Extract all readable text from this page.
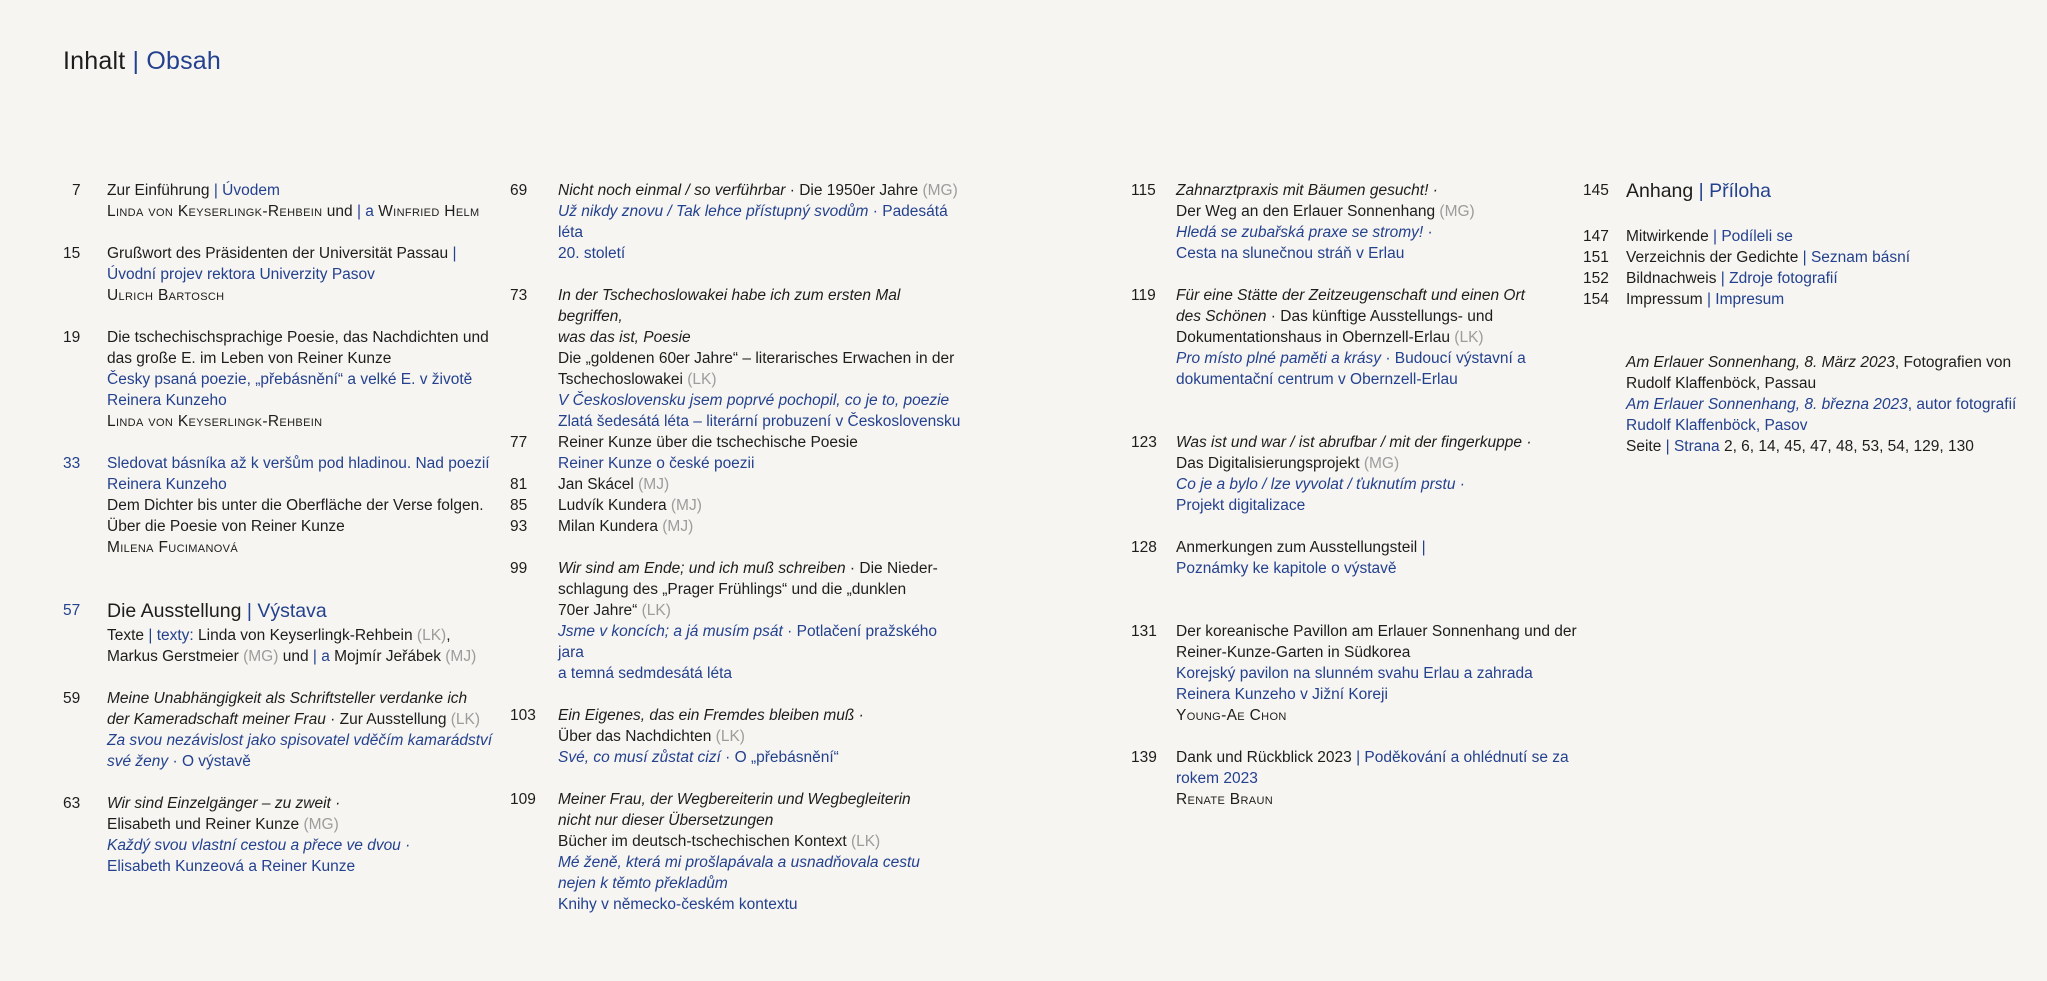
Inhalt | Obsah
7	Zur Einführung | Úvodem
Linda von Keyserlingk-Rehbein und | a Winfried Helm
15	Grußwort des Präsidenten der Universität Passau |
Úvodní projev rektora Univerzity Pasov
Ulrich Bartosch
19	Die tschechischsprachige Poesie, das Nachdichten und
das große E. im Leben von Reiner Kunze
Česky psaná poezie, „přebásnění“ a velké E. v životě
Reinera Kunzeho
Linda von Keyserlingk-Rehbein
33	Sledovat básníka až k veršům pod hladinou. Nad poezií
Reinera Kunzeho
Dem Dichter bis unter die Oberfläche der Verse folgen.
Über die Poesie von Reiner Kunze
Milena Fucimanová
57	Die Ausstellung | Výstava
Texte | texty: Linda von Keyserlingk-Rehbein (LK),
Markus Gerstmeier (MG) und | a Mojmír Jeřábek (MJ)
59	Meine Unabhängigkeit als Schriftsteller verdanke ich
der Kameradschaft meiner Frau · Zur Ausstellung (LK)
Za svou nezávislost jako spisovatel vděčím kamarádství
své ženy · O výstavě
63	Wir sind Einzelgänger – zu zweit ·
Elisabeth und Reiner Kunze (MG)
Každý svou vlastní cestou a přece ve dvou ·
Elisabeth Kunzeová a Reiner Kunze
69	Nicht noch einmal / so verführbar · Die 1950er Jahre (MG)
Už nikdy znovu / Tak lehce přístupný svodům · Padesátá léta
20. století
73	In der Tschechoslowakei habe ich zum ersten Mal begriffen,
was das ist, Poesie
Die „goldenen 60er Jahre“ – literarisches Erwachen in der
Tschechoslowakei (LK)
V Československu jsem poprvé pochopil, co je to, poezie
Zlatá šedesátá léta – literární probuzení v Československu
77	Reiner Kunze über die tschechische Poesie
Reiner Kunze o české poezii
81	Jan Skácel (MJ)
85	Ludvík Kundera (MJ)
93	Milan Kundera (MJ)
99	Wir sind am Ende; und ich muß schreiben · Die Nieder-
schlagung des „Prager Frühlings“ und die „dunklen
70er Jahre“ (LK)
Jsme v koncích; a já musím psát · Potlačení pražského jara
a temná sedmdesátá léta
103	Ein Eigenes, das ein Fremdes bleiben muß ·
Über das Nachdichten (LK)
Své, co musí zůstat cizí · O „přebásnění“
109	Meiner Frau, der Wegbereiterin und Wegbegleiterin
nicht nur dieser Übersetzungen
Bücher im deutsch-tschechischen Kontext (LK)
Mé ženě, která mi prošlapávala a usnadňovala cestu
nejen k těmto překladům
Knihy v německo-českém kontextu
115	Zahnarztpraxis mit Bäumen gesucht! ·
Der Weg an den Erlauer Sonnenhang (MG)
Hledá se zubařská praxe se stromy! ·
Cesta na slunečnou stráň v Erlau
119	Für eine Stätte der Zeitzeugenschaft und einen Ort
des Schönen · Das künftige Ausstellungs- und
Dokumentationshaus in Obernzell-Erlau (LK)
Pro místo plné paměti a krásy · Budoucí výstavní a
dokumentační centrum v Obernzell-Erlau
123	Was ist und war / ist abrufbar / mit der fingerkuppe ·
Das Digitalisierungsprojekt (MG)
Co je a bylo / lze vyvolat / ťuknutím prstu ·
Projekt digitalizace
128	Anmerkungen zum Ausstellungsteil |
Poznámky ke kapitole o výstavě
131	Der koreanische Pavillon am Erlauer Sonnenhang und der
Reiner-Kunze-Garten in Südkorea
Korejský pavilon na slunném svahu Erlau a zahrada
Reinera Kunzeho v Jižní Koreji
Young-Ae Chon
139	Dank und Rückblick 2023 | Poděkování a ohlédnutí se za
rokem 2023
Renate Braun
145 Anhang | Příloha
147	Mitwirkende | Podíleli se
151	Verzeichnis der Gedichte | Seznam básní
152	Bildnachweis | Zdroje fotografií
154	Impressum | Impresum
Am Erlauer Sonnenhang, 8. März 2023, Fotografien von
Rudolf Klaffenböck, Passau
Am Erlauer Sonnenhang, 8. března 2023, autor fotografií
Rudolf Klaffenböck, Pasov
Seite | Strana 2, 6, 14, 45, 47, 48, 53, 54, 129, 130
